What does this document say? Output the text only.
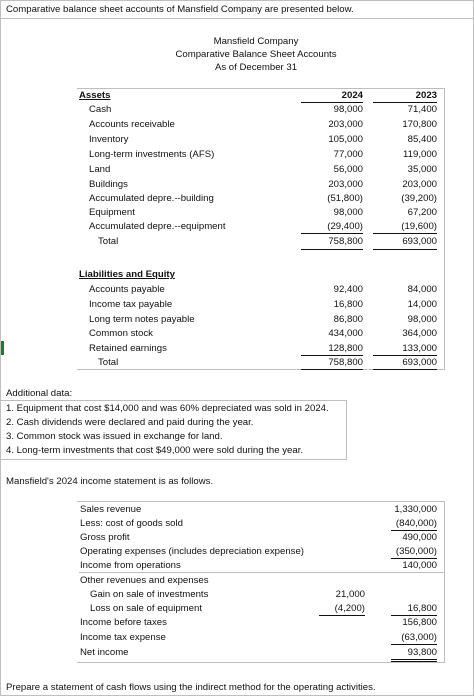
Comparative balance sheet accounts of Mansfield Company are presented below.
Mansfield Company
Comparative Balance Sheet Accounts
As of December 31
Assets	2024	2023
Cash	98,000	71,400
Accounts receivable	203,000	170,800
Inventory	105,000	85,400
Long-term investments (AFS)	77,000	119,000
Land	56,000	35,000
Buildings	203,000	203,000
Accumulated depre.--building	(51,800)	(39,200)
Equipment	98,000	67,200
Accumulated depre.--equipment	(29,400)	(19,600)
Total	758,800	693,000
Liabilities and Equity
Accounts payable	92,400	84,000
Income tax payable	16,800	14,000
Long term notes payable	86,800	98,000
Common stock	434,000	364,000
Retained earnings	128,800	133,000
Total	758,800	693,000
Additional data:
1. Equipment that cost $14,000 and was 60% depreciated was sold in 2024.
2. Cash dividends were declared and paid during the year.
3. Common stock was issued in exchange for land.
4. Long-term investments that cost $49,000 were sold during the year.
Mansfield's 2024 income statement is as follows.
Sales revenue	1,330,000
Less: cost of goods sold	(840,000)
Gross profit	490,000
Operating expenses (includes depreciation expense)	(350,000)
Income from operations	140,000
Other revenues and expenses
Gain on sale of investments	21,000
Loss on sale of equipment	(4,200)	16,800
Income before taxes	156,800
Income tax expense	(63,000)
Net income	93,800
Prepare a statement of cash flows using the indirect method for the operating activities.
